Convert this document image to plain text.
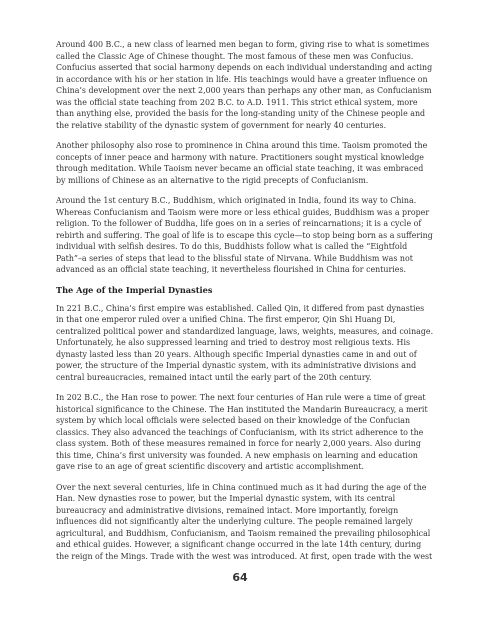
Around 400 B.C., a new class of learned men began to form, giving rise to what is sometimes called the Classic Age of Chinese thought. The most famous of these men was Confucius. Confucius asserted that social harmony depends on each individual understanding and acting in accordance with his or her station in life. His teachings would have a greater influence on China’s development over the next 2,000 years than perhaps any other man, as Confucianism was the official state teaching from 202 B.C. to A.D. 1911. This strict ethical system, more than anything else, provided the basis for the long-standing unity of the Chinese people and the relative stability of the dynastic system of government for nearly 40 centuries.

Another philosophy also rose to prominence in China around this time. Taoism promoted the concepts of inner peace and harmony with nature. Practitioners sought mystical knowledge through meditation. While Taoism never became an official state teaching, it was embraced by millions of Chinese as an alternative to the rigid precepts of Confucianism.

Around the 1st century B.C., Buddhism, which originated in India, found its way to China. Whereas Confucianism and Taoism were more or less ethical guides, Buddhism was a proper religion. To the follower of Buddha, life goes on in a series of reincarnations; it is a cycle of rebirth and suffering. The goal of life is to escape this cycle—to stop being born as a suffering individual with selfish desires. To do this, Buddhists follow what is called the “Eightfold Path”–a series of steps that lead to the blissful state of Nirvana. While Buddhism was not advanced as an official state teaching, it nevertheless flourished in China for centuries.

The Age of the Imperial Dynasties

In 221 B.C., China’s first empire was established. Called Qin, it differed from past dynasties in that one emperor ruled over a unified China. The first emperor, Qin Shi Huang Di, centralized political power and standardized language, laws, weights, measures, and coinage. Unfortunately, he also suppressed learning and tried to destroy most religious texts. His dynasty lasted less than 20 years. Although specific Imperial dynasties came in and out of power, the structure of the Imperial dynastic system, with its administrative divisions and central bureaucracies, remained intact until the early part of the 20th century.

In 202 B.C., the Han rose to power. The next four centuries of Han rule were a time of great historical significance to the Chinese. The Han instituted the Mandarin Bureaucracy, a merit system by which local officials were selected based on their knowledge of the Confucian classics. They also advanced the teachings of Confucianism, with its strict adherence to the class system. Both of these measures remained in force for nearly 2,000 years. Also during this time, China’s first university was founded. A new emphasis on learning and education gave rise to an age of great scientific discovery and artistic accomplishment.

Over the next several centuries, life in China continued much as it had during the age of the Han. New dynasties rose to power, but the Imperial dynastic system, with its central bureaucracy and administrative divisions, remained intact. More importantly, foreign influences did not significantly alter the underlying culture. The people remained largely agricultural, and Buddhism, Confucianism, and Taoism remained the prevailing philosophical and ethical guides. However, a significant change occurred in the late 14th century, during the reign of the Mings. Trade with the west was introduced. At first, open trade with the west

64
